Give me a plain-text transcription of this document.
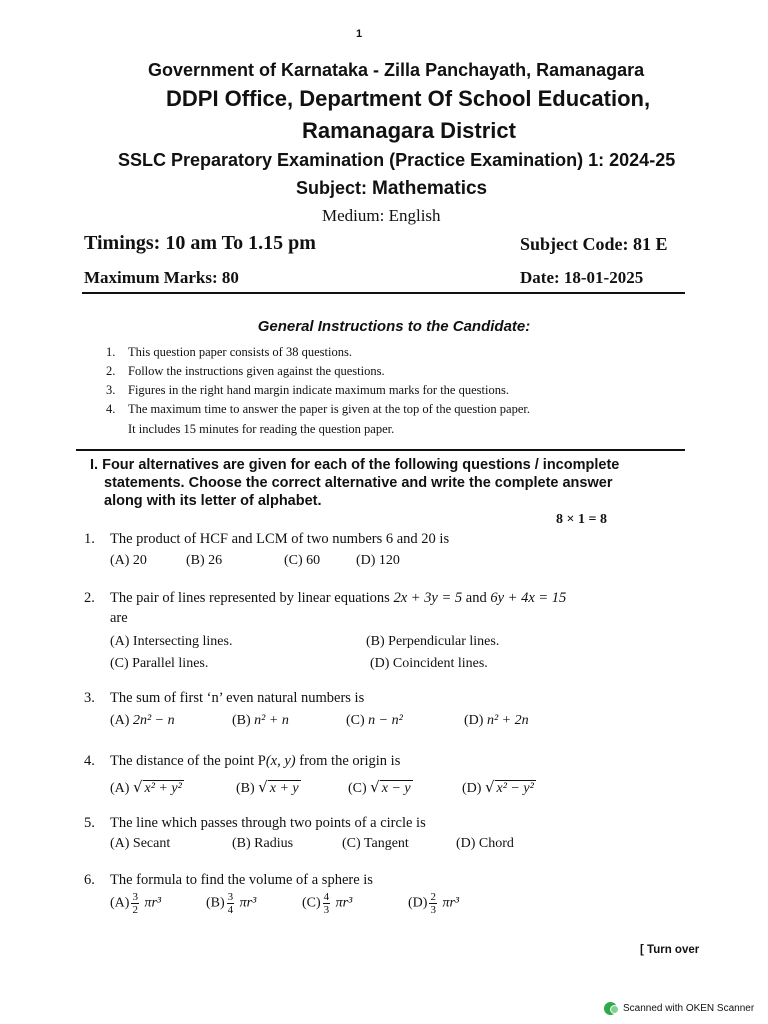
1
Government of Karnataka - Zilla Panchayath, Ramanagara
DDPI Office, Department Of School Education,
Ramanagara District
SSLC Preparatory Examination (Practice Examination) 1: 2024-25
Subject: Mathematics
Medium: English
Timings: 10 am To 1.15 pm	Subject Code: 81 E
Maximum Marks: 80	Date: 18-01-2025
General Instructions to the Candidate:
1. This question paper consists of 38 questions.
2. Follow the instructions given against the questions.
3. Figures in the right hand margin indicate maximum marks for the questions.
4. The maximum time to answer the paper is given at the top of the question paper.
It includes 15 minutes for reading the question paper.
I. Four alternatives are given for each of the following questions / incomplete
statements. Choose the correct alternative and write the complete answer
along with its letter of alphabet.
8 × 1 = 8
1. The product of HCF and LCM of two numbers 6 and 20 is
(A) 20	(B) 26	(C) 60	(D) 120
2. The pair of lines represented by linear equations 2x + 3y = 5 and 6y + 4x = 15
are
(A) Intersecting lines.	(B) Perpendicular lines.
(C) Parallel lines.	(D) Coincident lines.
3. The sum of first ‘n’ even natural numbers is
(A) 2n² − n	(B) n² + n	(C) n − n²	(D) n² + 2n
4. The distance of the point P(x, y) from the origin is
(A) √ x² + y²	(B) √ x + y	(C) √ x − y	(D) √ x² − y²
5. The line which passes through two points of a circle is
(A) Secant	(B) Radius	(C) Tangent	(D) Chord
6. The formula to find the volume of a sphere is
$(A) \frac{3}{2} \pi r^3$	$(B) \frac{3}{4} \pi r^3$	$(C) \frac{4}{3} \pi r^3$	$(D) \frac{2}{3} \pi r^3$
[ Turn over
Scanned with OKEN Scanner
